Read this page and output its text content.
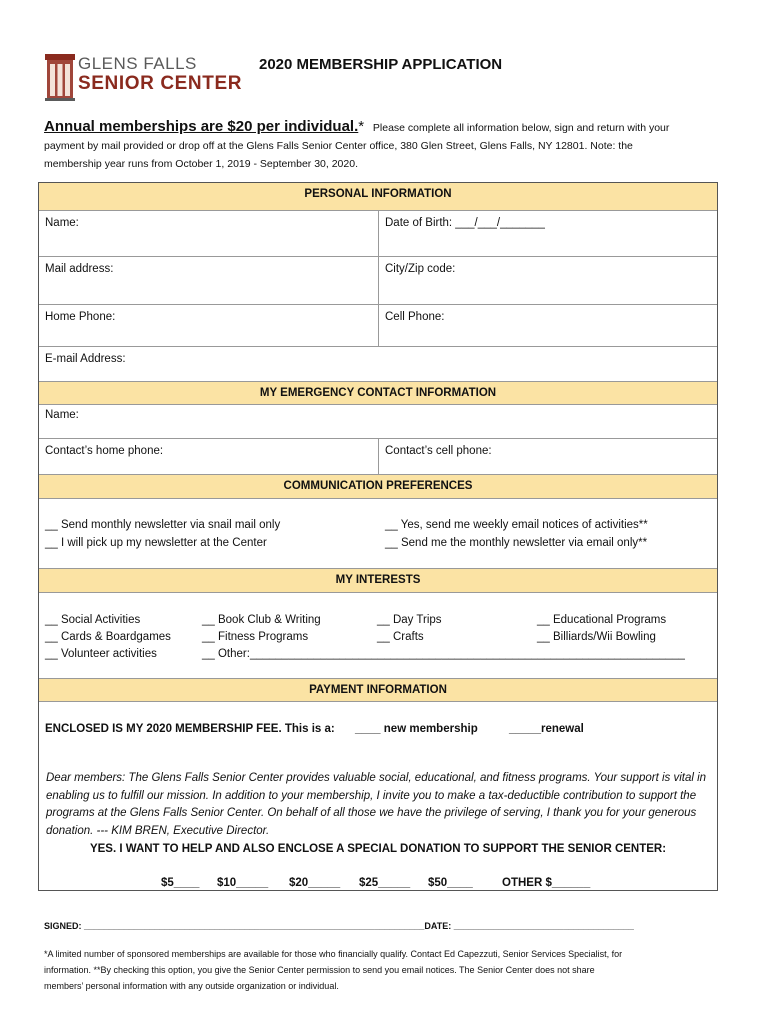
GLENS FALLS
SENIOR CENTER
2020 MEMBERSHIP APPLICATION
Annual memberships are $20 per individual.* Please complete all information below, sign and return with your
payment by mail provided or drop off at the Glens Falls Senior Center office, 380 Glen Street, Glens Falls, NY 12801. Note: the
membership year runs from October 1, 2019 - September 30, 2020.
PERSONAL INFORMATION
Name:	Date of Birth: ___/___/_______
Mail address:	City/Zip code:
Home Phone:	Cell Phone:
E-mail Address:
MY EMERGENCY CONTACT INFORMATION
Name:
Contact’s home phone:	Contact’s cell phone:
COMMUNICATION PREFERENCES
__ Send monthly newsletter via snail mail only
__ I will pick up my newsletter at the Center
__ Yes, send me weekly email notices of activities**
__ Send me the monthly newsletter via email only**
MY INTERESTS
__ Social Activities
__ Cards & Boardgames
__ Volunteer activities
__ Book Club & Writing
__ Fitness Programs
__ Other:____________________________________________________________________
__ Day Trips
__ Crafts
__ Educational Programs
__ Billiards/Wii Bowling
PAYMENT INFORMATION
ENCLOSED IS MY 2020 MEMBERSHIP FEE. This is a: ____ new membership	_____renewal
Dear members: The Glens Falls Senior Center provides valuable social, educational, and fitness programs. Your support is vital in enabling us to fulfill our mission. In addition to your membership, I invite you to make a tax-deductible contribution to support the programs at the Glens Falls Senior Center. On behalf of all those we have the privilege of serving, I thank you for your generous donation. --- KIM BREN, Executive Director.
YES. I WANT TO HELP AND ALSO ENCLOSE A SPECIAL DONATION TO SUPPORT THE SENIOR CENTER:
$5____ $10_____ $20_____ $25_____ $50____	OTHER $______
SIGNED: ____________________________________________________________________DATE: ____________________________________
*A limited number of sponsored memberships are available for those who financially qualify. Contact Ed Capezzuti, Senior Services Specialist, for
information. **By checking this option, you give the Senior Center permission to send you email notices. The Senior Center does not share
members’ personal information with any outside organization or individual.
